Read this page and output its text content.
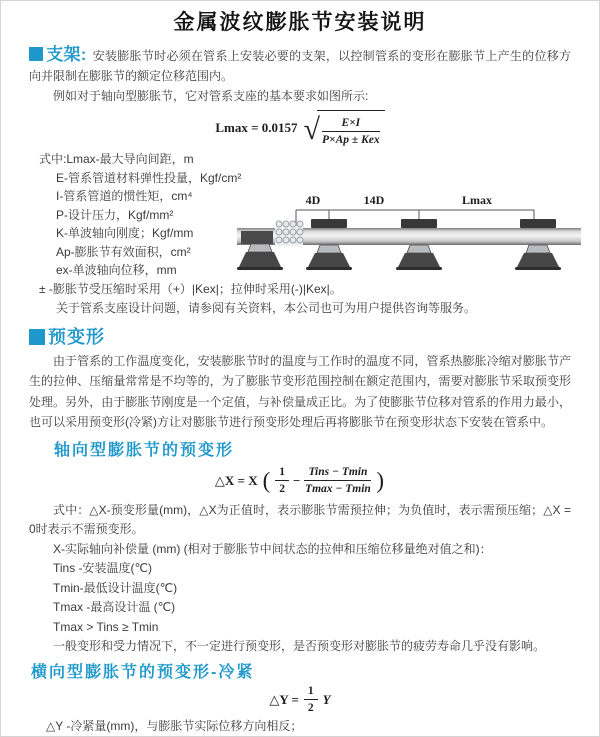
金属波纹膨胀节安装说明

支架: 安装膨胀节时必须在管系上安装必要的支架，以控制管系的变形在膨胀节上产生的位移方向并限制在膨胀节的额定位移范围内。

例如对于轴向型膨胀节，它对管系支座的基本要求如图所示:

Lmax = 0.0157 √ $\frac{E\times I}{\text{P×Ap ± Kex}}$
式中:Lmax-最大导向间距，m
E-管系管道材料弹性投量，Kgf/cm²
I-管系管道的惯性矩，cm⁴
P-设计压力，Kgf/mm²
K-单波轴向刚度；Kgf/mm
Ap-膨胀节有效面积，cm²
ex-单波轴向位移，mm
± -膨胀节受压缩时采用（+）|Kex|；拉伸时采用(-)|Kex|。
关于管系支座设计问题，请参阅有关资料，本公司也可为用户提供咨询等服务。
4D	14D	Lmax
预变形

由于管系的工作温度变化，安装膨胀节时的温度与工作时的温度不同，管系热膨胀冷缩对膨胀节产生的拉伸、压缩量常常是不均等的，为了膨胀节变形范围控制在额定范围内，需要对膨胀节采取预变形处理。另外，由于膨胀节刚度是一个定值，与补偿量成正比。为了使膨胀节位移对管系的作用力最小，也可以采用预变形(冷紧)方让对膨胀节进行预变形处理后再将膨胀节在预变形状态下安装在管系中。

轴向型膨胀节的预变形
△X = X ( $\frac{1}{2} - \frac{\text{Tins − Tmin}}{Tmax - Tmin}$ )

式中：△X-预变形量(mm)，△X为正值时，表示膨胀节需预拉伸；为负值时，表示需预压缩；△X = 0时表示不需预变形。

X-实际轴向补偿量 (mm) (相对于膨胀节中间状态的拉伸和压缩位移量绝对值之和)：

Tins -安装温度(℃)

Tmin-最低设计温度(℃)

Tmax -最高设计温 (℃)

Tmax > Tins ≥ Tmin

一般变形和受力情况下，不一定进行预变形，是否预变形对膨胀节的疲劳寿命几乎没有影响。

横向型膨胀节的预变形-冷紧
△Y = $\frac{1}{2}$ Y

△Y -冷紧量(mm)，与膨胀节实际位移方向相反；
